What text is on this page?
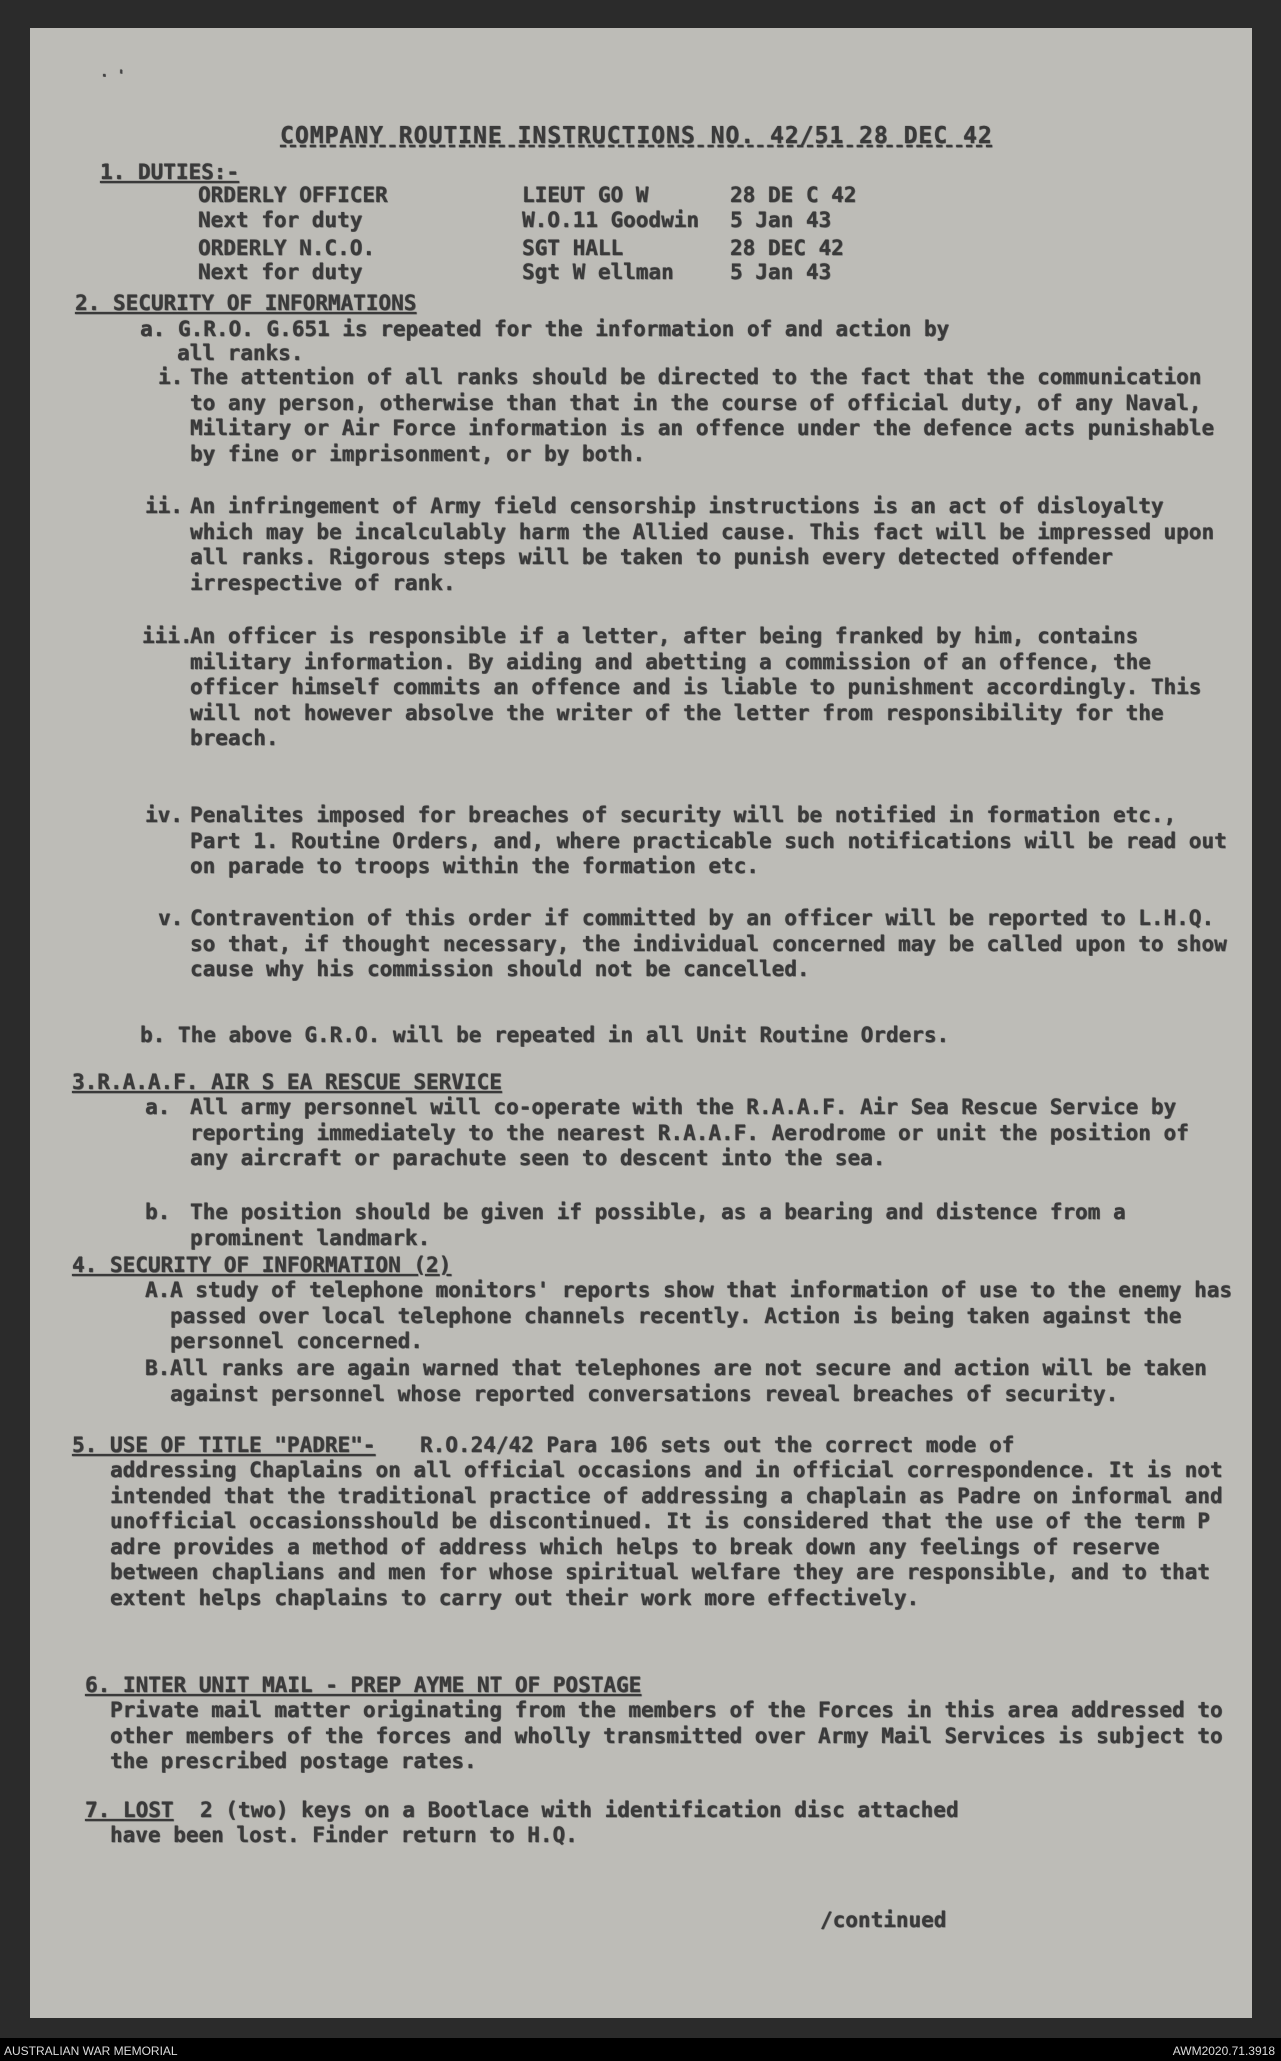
· '

COMPANY ROUTINE INSTRUCTIONS NO. 42/51 28 DEC 42

1. DUTIES:-

ORDERLY OFFICER	LIEUT GO W	28 DE C 42
Next for duty	W.O.11 Goodwin 5 Jan 43
ORDERLY N.C.O.	SGT HALL	28 DEC 42
Next for duty	Sgt W ellman	5 Jan 43

2. SECURITY OF INFORMATIONS

a. G.R.O. G.651 is repeated for the information of and action by

all ranks.

i. The attention of all ranks should be directed to the fact that the communication to any person, otherwise than that in the course of official duty, of any Naval, Military or Air Force information is an offence under the defence acts punishable by fine or imprisonment, or by both.

ii. An infringement of Army field censorship instructions is an act of disloyalty which may be incalculably harm the Allied cause. This fact will be impressed upon all ranks. Rigorous steps will be taken to punish every detected offender irrespective of rank.

iii.

An officer is responsible if a letter, after being franked by him, contains military information. By aiding and abetting a commission of an offence, the officer himself commits an offence and is liable to punishment accordingly. This will not however absolve the writer of the letter from responsibility for the breach.

iv. Penalites imposed for breaches of security will be notified in formation etc., Part 1. Routine Orders, and, where practicable such notifications will be read out on parade to troops within the formation etc.

v. Contravention of this order if committed by an officer will be reported to L.H.Q. so that, if thought necessary, the individual concerned may be called upon to show cause why his commission should not be cancelled.

b. The above G.R.O. will be repeated in all Unit Routine Orders.

3.R.A.A.F. AIR S EA RESCUE SERVICE

a. All army personnel will co-operate with the R.A.A.F. Air Sea Rescue Service by reporting immediately to the nearest R.A.A.F. Aerodrome or unit the position of any aircraft or parachute seen to descent into the sea.

b. The position should be given if possible, as a bearing and distence from a prominent landmark.

4. SECURITY OF INFORMATION (2)

A. A study of telephone monitors' reports show that information of use to the enemy has passed over local telephone channels recently. Action is being taken against the personnel concerned.

B. All ranks are again warned that telephones are not secure and action will be taken against personnel whose reported conversations reveal breaches of security.

5. USE OF TITLE "PADRE"- R.O.24/42 Para 106 sets out the correct mode of

addressing Chaplains on all official occasions and in official correspondence. It is not intended that the traditional practice of addressing a chaplain as Padre on informal and unofficial occasionsshould be discontinued. It is considered that the use of the term P adre provides a method of address which helps to break down any feelings of reserve between chaplians and men for whose spiritual welfare they are responsible, and to that extent helps chaplains to carry out their work more effectively.

6. INTER UNIT MAIL - PREP AYME NT OF POSTAGE

Private mail matter originating from the members of the Forces in this area addressed to other members of the forces and wholly transmitted over Army Mail Services is subject to the prescribed postage rates.

7. LOST 2 (two) keys on a Bootlace with identification disc attached

have been lost. Finder return to H.Q.

/continued

AUSTRALIAN WAR MEMORIAL	AWM2020.71.3918
